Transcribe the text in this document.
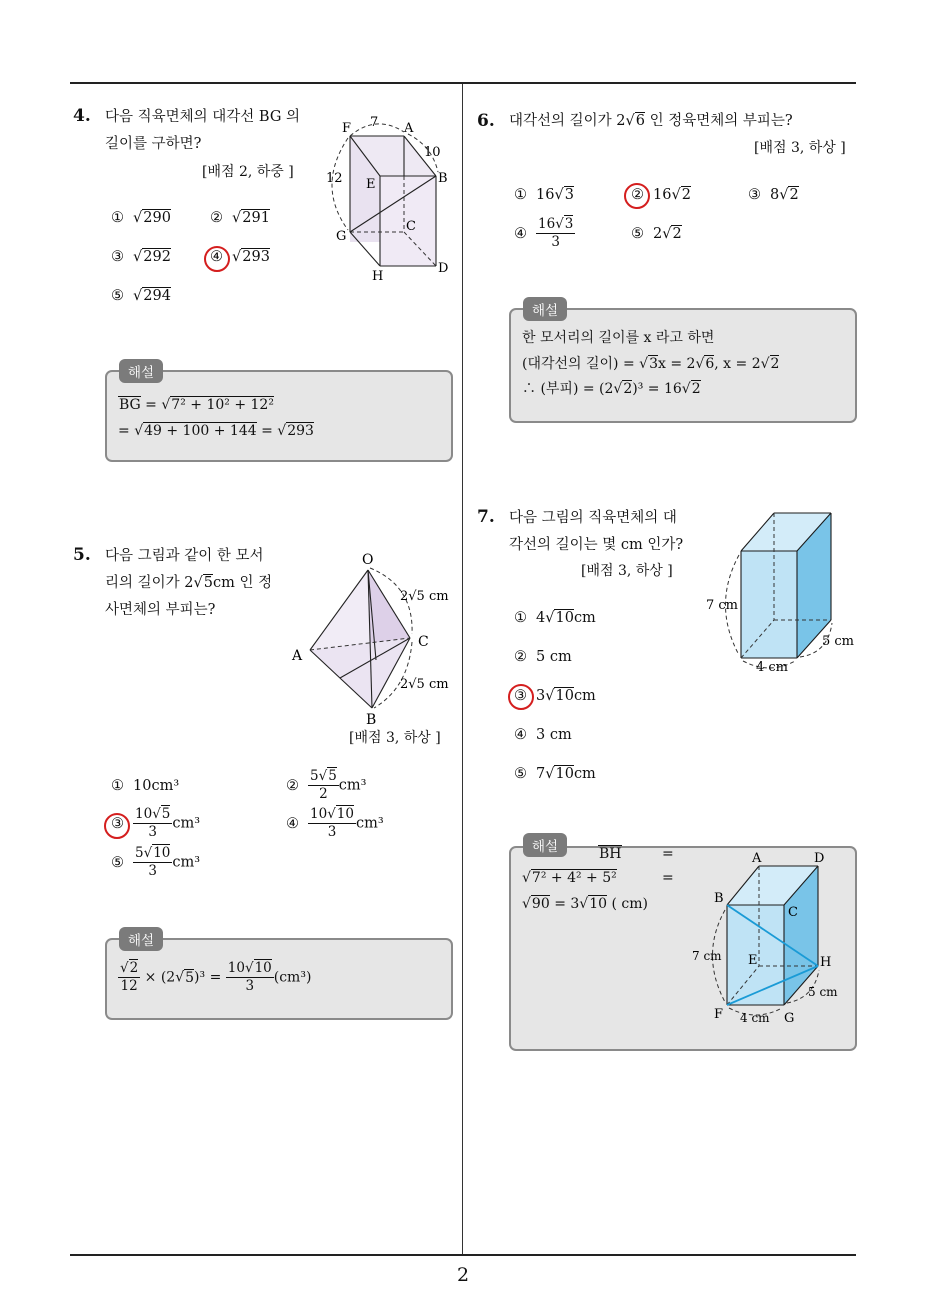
2
4. 다음 직육면체의 대각선 BG 의
길이를 구하면?
[배점 2, 하중 ]
F 7 A
10
B
12 E
C
G
H
D
① √290	② √291
③ √292	④ √293
⑤ √294
해설
BG = √7² + 10² + 12²
= √49 + 100 + 144 = √293
5. 다음 그림과 같이 한 모서
리의 길이가 2√5cm 인 정
사면체의 부피는?
O
A
C
B
2√5 cm
2√5 cm
[배점 3, 하상 ]
① 10cm³	② $\frac{5√5}{2} cm^3$
③ $\frac{10√5}{3} cm^3$	④ $\frac{10√10}{3} cm^3$
⑤ $\frac{5√10}{3} cm^3$
해설
$\frac{√2}{12} \times (2√5)^3 = \frac{10√10}{3} (cm^3)$
6. 대각선의 길이가 2√6 인 정육면체의 부피는?
[배점 3, 하상 ]
① 16√3	② 16√2	③ 8√2
④ $\frac{16√3}{3}$	⑤ 2√2
해설
한 모서리의 길이를 x 라고 하면
(대각선의 길이) = √3x = 2√6, x = 2√2
∴ (부피) = (2√2)³ = 16√2
7. 다음 그림의 직육면체의 대
각선의 길이는 몇 cm 인가?
[배점 3, 하상 ]
7 cm
4 cm
5 cm
① 4√10cm
② 5 cm
③ 3√10cm
④ 3 cm
⑤ 7√10cm
해설	BH	=
√7² + 4² + 5²	=
√90 = 3√10 ( cm)
A	D
B
C
E	H
F	G
7 cm
4 cm
5 cm
